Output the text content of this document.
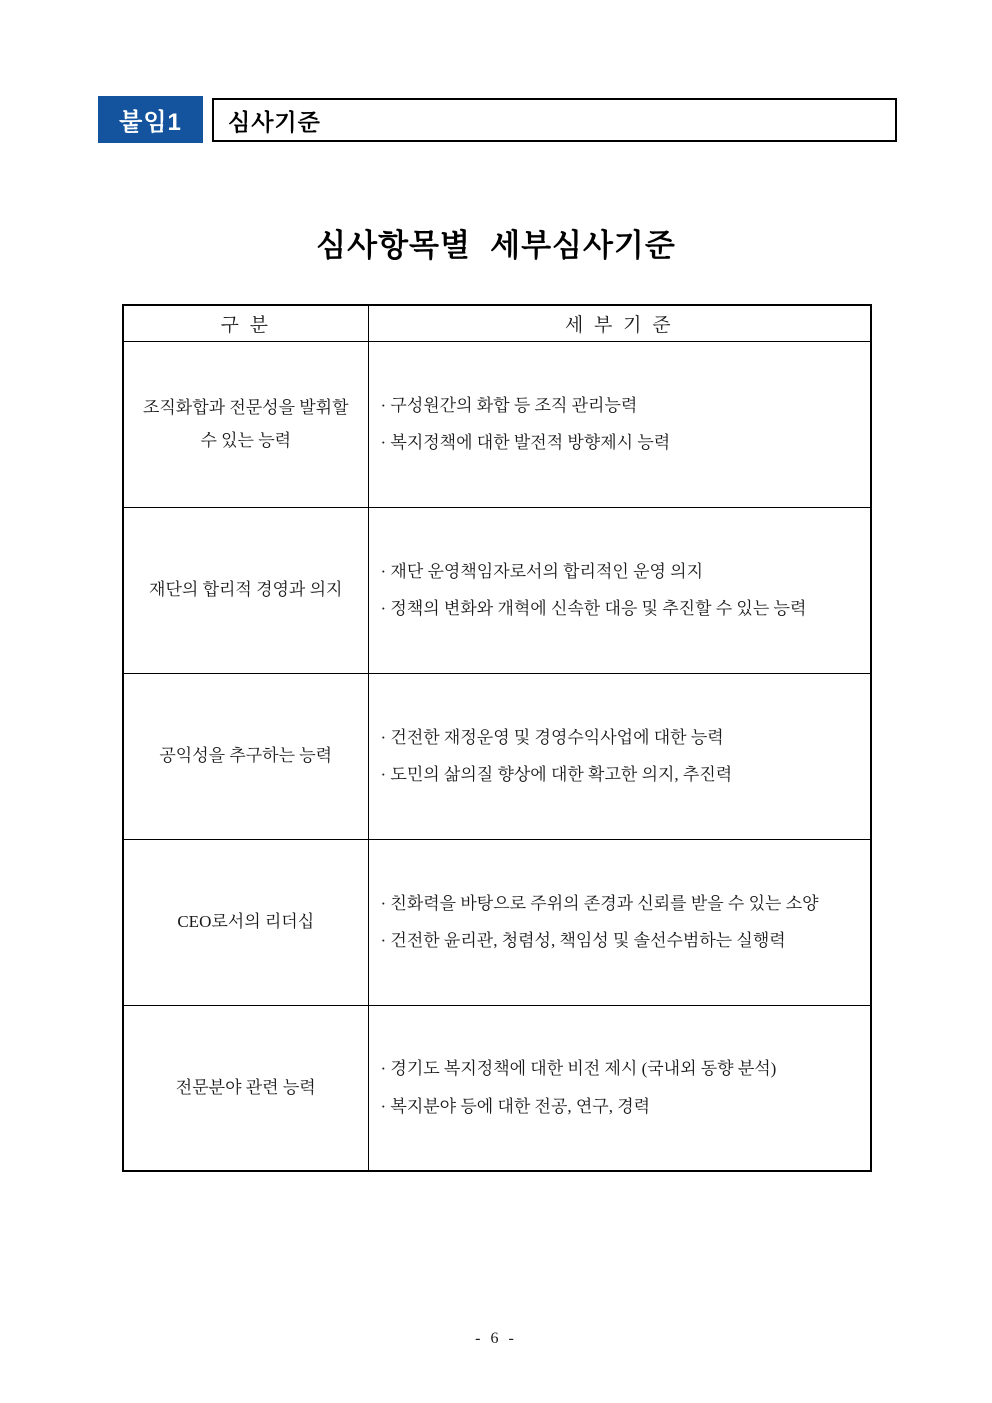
붙임1	심사기준
심사항목별  세부심사기준
구 분	세 부 기 준
조직화합과 전문성을 발휘할 수 있는 능력	· 구성원간의 화합 등 조직 관리능력
· 복지정책에 대한 발전적 방향제시 능력

재단의 합리적 경영과 의지	· 재단 운영책임자로서의 합리적인 운영 의지
· 정책의 변화와 개혁에 신속한 대응 및 추진할 수 있는 능력

공익성을 추구하는 능력	· 건전한 재정운영 및 경영수익사업에 대한 능력
· 도민의 삶의질 향상에 대한 확고한 의지, 추진력

CEO로서의 리더십	· 친화력을 바탕으로 주위의 존경과 신뢰를 받을 수 있는 소양
· 건전한 윤리관, 청렴성, 책임성 및 솔선수범하는 실행력

전문분야 관련 능력	· 경기도 복지정책에 대한 비전 제시 (국내외 동향 분석)
· 복지분야 등에 대한 전공, 연구, 경력
- 6 -
